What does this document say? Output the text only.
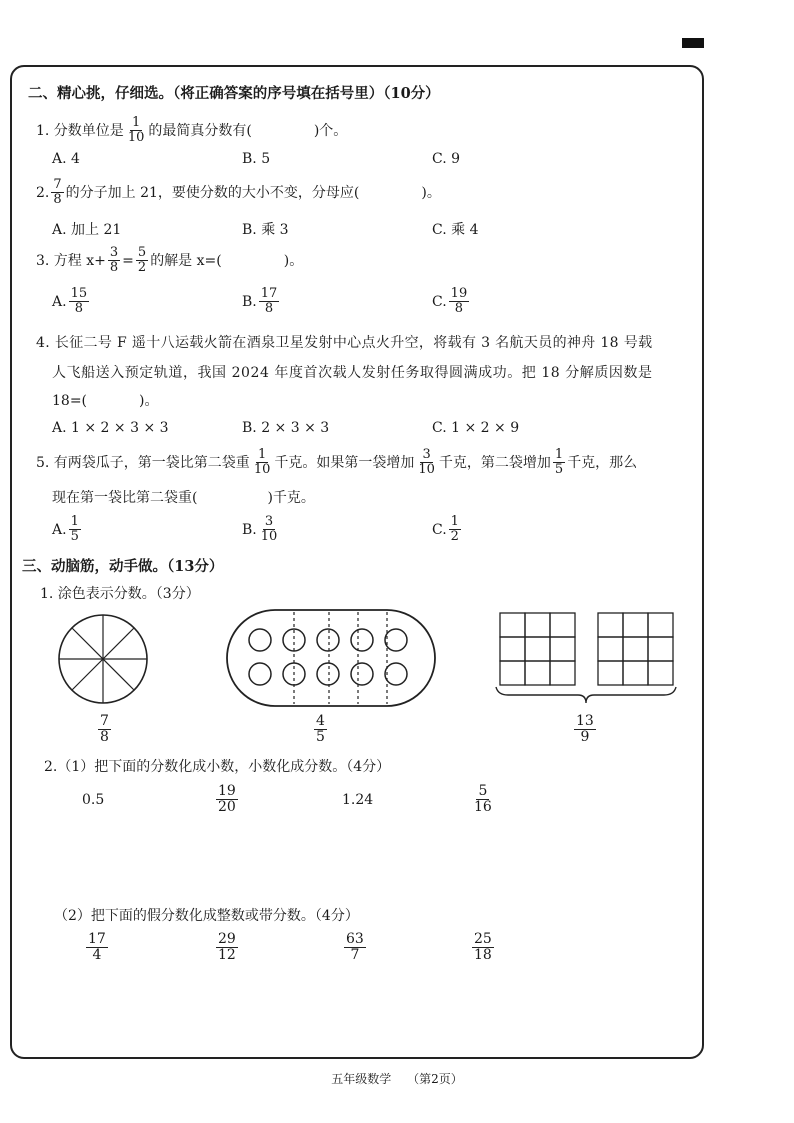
二、精心挑，仔细选。（将正确答案的序号填在括号里）（10分）
1. 分数单位是 $\frac{1}{10}$ 的最简真分数有(	)个。
A. 4	B. 5	C. 9
2. $\frac{7}{8}$ 的分子加上 21，要使分数的大小不变，分母应(	)。
A. 加上 21	B. 乘 3	C. 乘 4
3. 方程 $x+ \frac{3}{8} = \frac{5}{2}$ 的解是 x=(	)。
A. $\frac{15}{8}$	B. $\frac{17}{8}$	C. $\frac{19}{8}$
4. 长征二号 F 遥十八运载火箭在酒泉卫星发射中心点火升空，将载有 3 名航天员的神舟 18 号载
人飞船送入预定轨道，我国 2024 年度首次载人发射任务取得圆满成功。把 18 分解质因数是
18=(	)。
A. 1 × 2 × 3 × 3	B. 2 × 3 × 3	C. 1 × 2 × 9
5. 有两袋瓜子，第一袋比第二袋重 $\frac{1}{10}$ 千克。如果第一袋增加 $\frac{3}{10}$ 千克，第二袋增加 $\frac{1}{5}$ 千克，那么
现在第一袋比第二袋重(	)千克。
A. $\frac{1}{5}$	B. $\frac{3}{10}$	C. $\frac{1}{2}$
三、动脑筋，动手做。（13分）
1. 涂色表示分数。（3分）
$\frac{7}{8}$	$\frac{4}{5}$	$\frac{13}{9}$
2.（1）把下面的分数化成小数，小数化成分数。（4分）
0.5	$\frac{19}{20}$	1.24	$\frac{5}{16}$
（2）把下面的假分数化成整数或带分数。（4分）
$\frac{17}{4}$	$\frac{29}{12}$	$\frac{63}{7}$	$\frac{25}{18}$
五年级数学 （第2页）
